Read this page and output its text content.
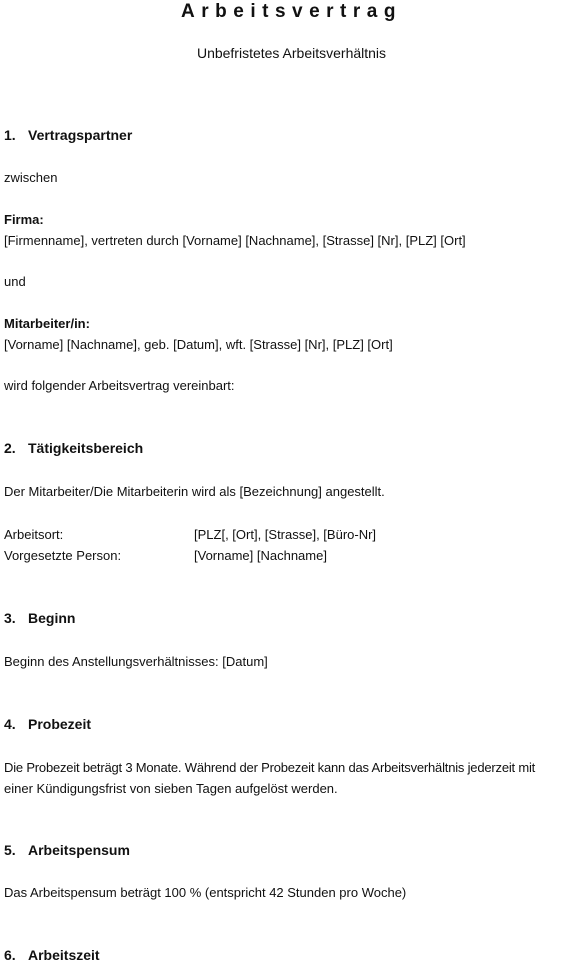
Arbeitsvertrag
Unbefristetes Arbeitsverhältnis
1. Vertragspartner
zwischen
Firma:
[Firmenname], vertreten durch [Vorname] [Nachname], [Strasse] [Nr], [PLZ] [Ort]
und
Mitarbeiter/in:
[Vorname] [Nachname], geb. [Datum], wft. [Strasse] [Nr], [PLZ] [Ort]
wird folgender Arbeitsvertrag vereinbart:
2. Tätigkeitsbereich
Der Mitarbeiter/Die Mitarbeiterin wird als [Bezeichnung] angestellt.
Arbeitsort:	[PLZ[, [Ort], [Strasse], [Büro-Nr]
Vorgesetzte Person:	[Vorname] [Nachname]
3. Beginn
Beginn des Anstellungsverhältnisses: [Datum]
4. Probezeit
Die Probezeit beträgt 3 Monate. Während der Probezeit kann das Arbeitsverhältnis jederzeit mit
einer Kündigungsfrist von sieben Tagen aufgelöst werden.
5. Arbeitspensum
Das Arbeitspensum beträgt 100 % (entspricht 42 Stunden pro Woche)
6. Arbeitszeit
